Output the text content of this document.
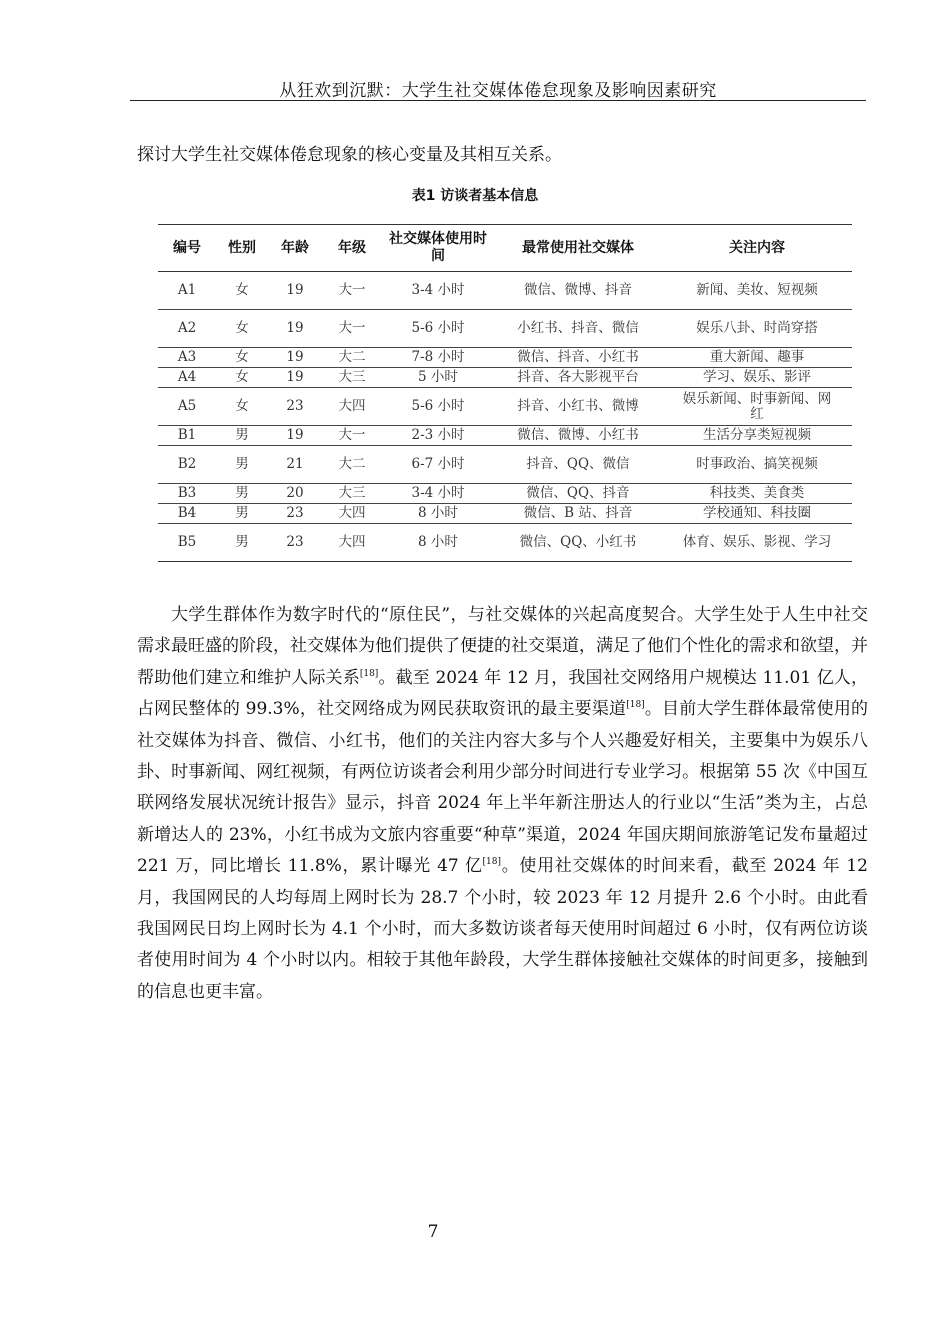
从狂欢到沉默：大学生社交媒体倦怠现象及影响因素研究
探讨大学生社交媒体倦怠现象的核心变量及其相互关系。
表1 访谈者基本信息
编号	性别	年龄	年级	社交媒体使用时间	最常使用社交媒体	关注内容
A1	女	19	大一	3-4 小时	微信、微博、抖音	新闻、美妆、短视频
A2	女	19	大一	5-6 小时	小红书、抖音、微信	娱乐八卦、时尚穿搭
A3	女	19	大二	7-8 小时	微信、抖音、小红书	重大新闻、趣事
A4	女	19	大三	5 小时	抖音、各大影视平台	学习、娱乐、影评
A5	女	23	大四	5-6 小时	抖音、小红书、微博	娱乐新闻、时事新闻、网红
B1	男	19	大一	2-3 小时	微信、微博、小红书	生活分享类短视频
B2	男	21	大二	6-7 小时	抖音、QQ、微信	时事政治、搞笑视频
B3	男	20	大三	3-4 小时	微信、QQ、抖音	科技类、美食类
B4	男	23	大四	8 小时	微信、B 站、抖音	学校通知、科技圈
B5	男	23	大四	8 小时	微信、QQ、小红书	体育、娱乐、影视、学习

大学生群体作为数字时代的“原住民”，与社交媒体的兴起高度契合。大学生处于人生中社交需求最旺盛的阶段，社交媒体为他们提供了便捷的社交渠道，满足了他们个性化的需求和欲望，并帮助他们建立和维护人际关系[18]。截至 2024 年 12 月，我国社交网络用户规模达 11.01 亿人，占网民整体的 99.3%，社交网络成为网民获取资讯的最主要渠道[18]。目前大学生群体最常使用的社交媒体为抖音、微信、小红书，他们的关注内容大多与个人兴趣爱好相关，主要集中为娱乐八卦、时事新闻、网红视频，有两位访谈者会利用少部分时间进行专业学习。根据第 55 次《中国互联网络发展状况统计报告》显示，抖音 2024 年上半年新注册达人的行业以“生活”类为主，占总新增达人的 23%，小红书成为文旅内容重要“种草”渠道，2024 年国庆期间旅游笔记发布量超过 221 万，同比增长 11.8%，累计曝光 47 亿[18]。使用社交媒体的时间来看，截至 2024 年 12 月，我国网民的人均每周上网时长为 28.7 个小时，较 2023 年 12 月提升 2.6 个小时。由此看我国网民日均上网时长为 4.1 个小时，而大多数访谈者每天使用时间超过 6 小时，仅有两位访谈者使用时间为 4 个小时以内。相较于其他年龄段，大学生群体接触社交媒体的时间更多，接触到的信息也更丰富。

7
